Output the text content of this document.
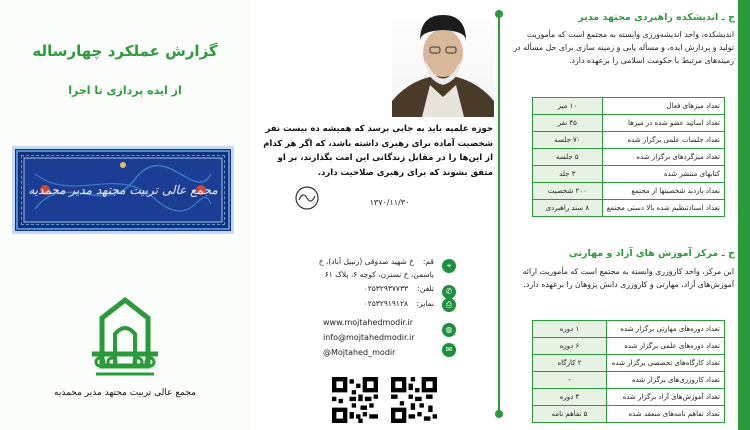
گزارش عملکرد چهارساله
از ایده پردازی تا اجرا
مجمع عالی تربیت مجتهد مدیر محمدیه
مجمع عالی تربیت مجتهد مدیر محمدیه
حوزه علمیه باید به جایی برسد که همیشه ده بیست نفر شخصیت آماده برای رهبری داشته باشد، که اگر هر کدام از این‌ها را در مقابل زندگانی این امت بگذارند، بر او متفق بشوند که برای رهبری صلاحیت دارد.
۱۳۷۰/۱۱/۳۰
⌖
قم:
خ شهید صدوقی (زنبیل آباد)، خ
یاسمن، خ نسترن، کوچه ۶، پلاک ۶۱
✆
تلفن:
۰۲۵۳۲۹۳۷۷۳۳
⎙
نمابر:
۰۲۵۳۲۹۱۹۱۲۸
www.mojtahedmodir.ir
◍
info@mojtahedmodir.ir
✉
@Mojtahed_modir
ج ـ اندیشکده راهبردی مجتهد مدیر
اندیشکده، واحد اندیشه‌ورزی وابسته به مجتمع است که مأموریت تولید و پردازش ایده، و مسأله یابی و زمینه سازی برای حل مسأله در زمینه‌های مرتبط با حکومت اسلامی را برعهده دارد.
تعداد میزهای فعال	۱۰ میز
تعداد اساتید عضو شده در میزها	۴۵ نفر
تعداد جلسات علمی برگزار شده	۷۰ جلسه
تعداد میزگردهای برگزار شده	۵ جلسه
کتابهای منتشر شده	۳ جلد
تعداد بازدید شخصیتها از مجتمع	۲۰۰ شخصیت
تعداد اسنادتنظیم شده بالا دستی مجتمع	۸ سند راهبردی
ح ـ مرکز آموزش های آزاد و مهارتی
این مرکز، واحد کاروزری وابسته به مجتمع است که مأموریت ارائه آموزش‌های آزاد، مهارتی و کاروزری دانش پژوهان را برعهده دارد.
تعداد دوره‌های مهارتی برگزار شده	۱ دوره
تعداد دوره‌های علمی برگزار شده	۶ دوره
تعداد کارگاه‌های تخصصی برگزار شده	۲ کارگاه
تعداد کاروزری‌های برگزار شده	-
تعداد آموزش‌های آزاد برگزار شده	۴ دوره
تعداد تفاهم نامه‌های منعقد شده	۵ تفاهم نامه
